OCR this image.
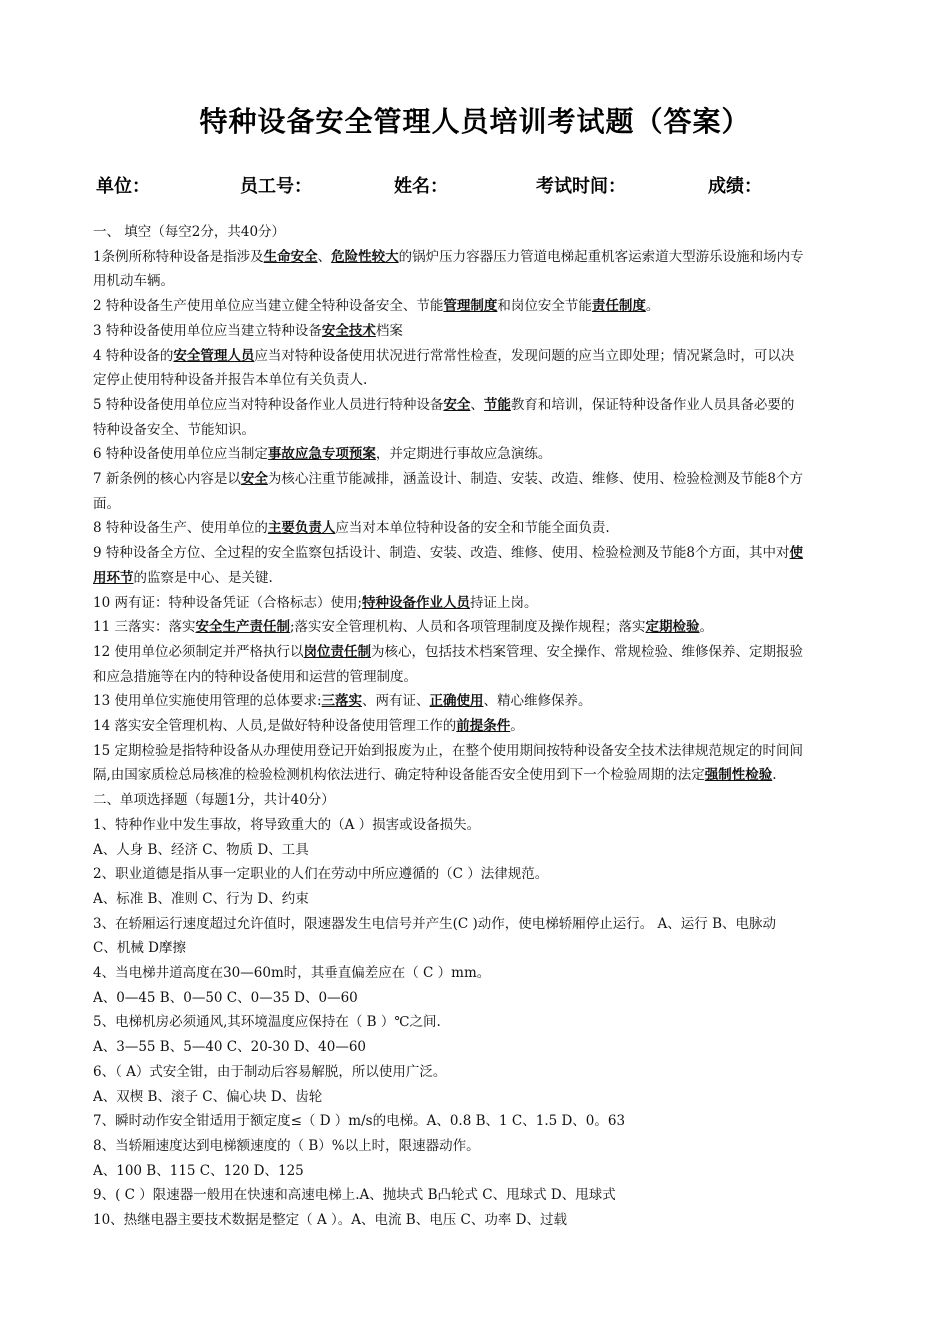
特种设备安全管理人员培训考试题（答案）
单位：	员工号：	姓名：	考试时间：	成绩：
一、 填空（每空2分，共40分）
1条例所称特种设备是指涉及生命安全、危险性较大的锅炉压力容器压力管道电梯起重机客运索道大型游乐设施和场内专
用机动车辆。
2 特种设备生产使用单位应当建立健全特种设备安全、节能管理制度和岗位安全节能责任制度。
3 特种设备使用单位应当建立特种设备安全技术档案
4 特种设备的安全管理人员应当对特种设备使用状况进行常常性检查，发现问题的应当立即处理；情况紧急时，可以决
定停止使用特种设备并报告本单位有关负责人.
5 特种设备使用单位应当对特种设备作业人员进行特种设备安全、节能教育和培训，保证特种设备作业人员具备必要的
特种设备安全、节能知识。
6 特种设备使用单位应当制定事故应急专项预案，并定期进行事故应急演练。
7 新条例的核心内容是以安全为核心注重节能减排，涵盖设计、制造、安装、改造、维修、使用、检验检测及节能8个方
面。
8 特种设备生产、使用单位的主要负责人应当对本单位特种设备的安全和节能全面负责.
9 特种设备全方位、全过程的安全监察包括设计、制造、安装、改造、维修、使用、检验检测及节能8个方面，其中对使
用环节的监察是中心、是关键.
10 两有证：特种设备凭证（合格标志）使用;特种设备作业人员持证上岗。
11 三落实：落实安全生产责任制;落实安全管理机构、人员和各项管理制度及操作规程；落实定期检验。
12 使用单位必须制定并严格执行以岗位责任制为核心，包括技术档案管理、安全操作、常规检验、维修保养、定期报验
和应急措施等在内的特种设备使用和运营的管理制度。
13 使用单位实施使用管理的总体要求:三落实、两有证、正确使用、精心维修保养。
14 落实安全管理机构、人员,是做好特种设备使用管理工作的前提条件。
15 定期检验是指特种设备从办理使用登记开始到报废为止，在整个使用期间按特种设备安全技术法律规范规定的时间间
隔,由国家质检总局核准的检验检测机构依法进行、确定特种设备能否安全使用到下一个检验周期的法定强制性检验.
二、单项选择题（每题1分，共计40分）
1、特种作业中发生事故，将导致重大的（A ）损害或设备损失。
A、人身 B、经济 C、物质 D、工具
2、职业道德是指从事一定职业的人们在劳动中所应遵循的（C ）法律规范。
A、标准 B、准则 C、行为 D、约束
3、在轿厢运行速度超过允许值时，限速器发生电信号并产生(C )动作，使电梯轿厢停止运行。 A、运行 B、电脉动
C、机械 D摩擦
4、当电梯井道高度在30—60m时，其垂直偏差应在（ C ）mm。
A、0—45 B、0—50 C、0—35 D、0—60
5、电梯机房必须通风,其环境温度应保持在（ B ）℃之间.
A、3—55 B、5—40 C、20-30 D、40—60
6、（ A）式安全钳，由于制动后容易解脱，所以使用广泛。
A、双楔 B、滚子 C、偏心块 D、齿轮
7、瞬时动作安全钳适用于额定度≤（ D ）m/s的电梯。A、0.8 B、1 C、1.5 D、0。63
8、当轿厢速度达到电梯额速度的（ B）%以上时，限速器动作。
A、100 B、115 C、120 D、125
9、( C ）限速器一般用在快速和高速电梯上.A、抛块式 B凸轮式 C、甩球式 D、甩球式
10、热继电器主要技术数据是整定（ A ）。A、电流 B、电压 C、功率 D、过载
